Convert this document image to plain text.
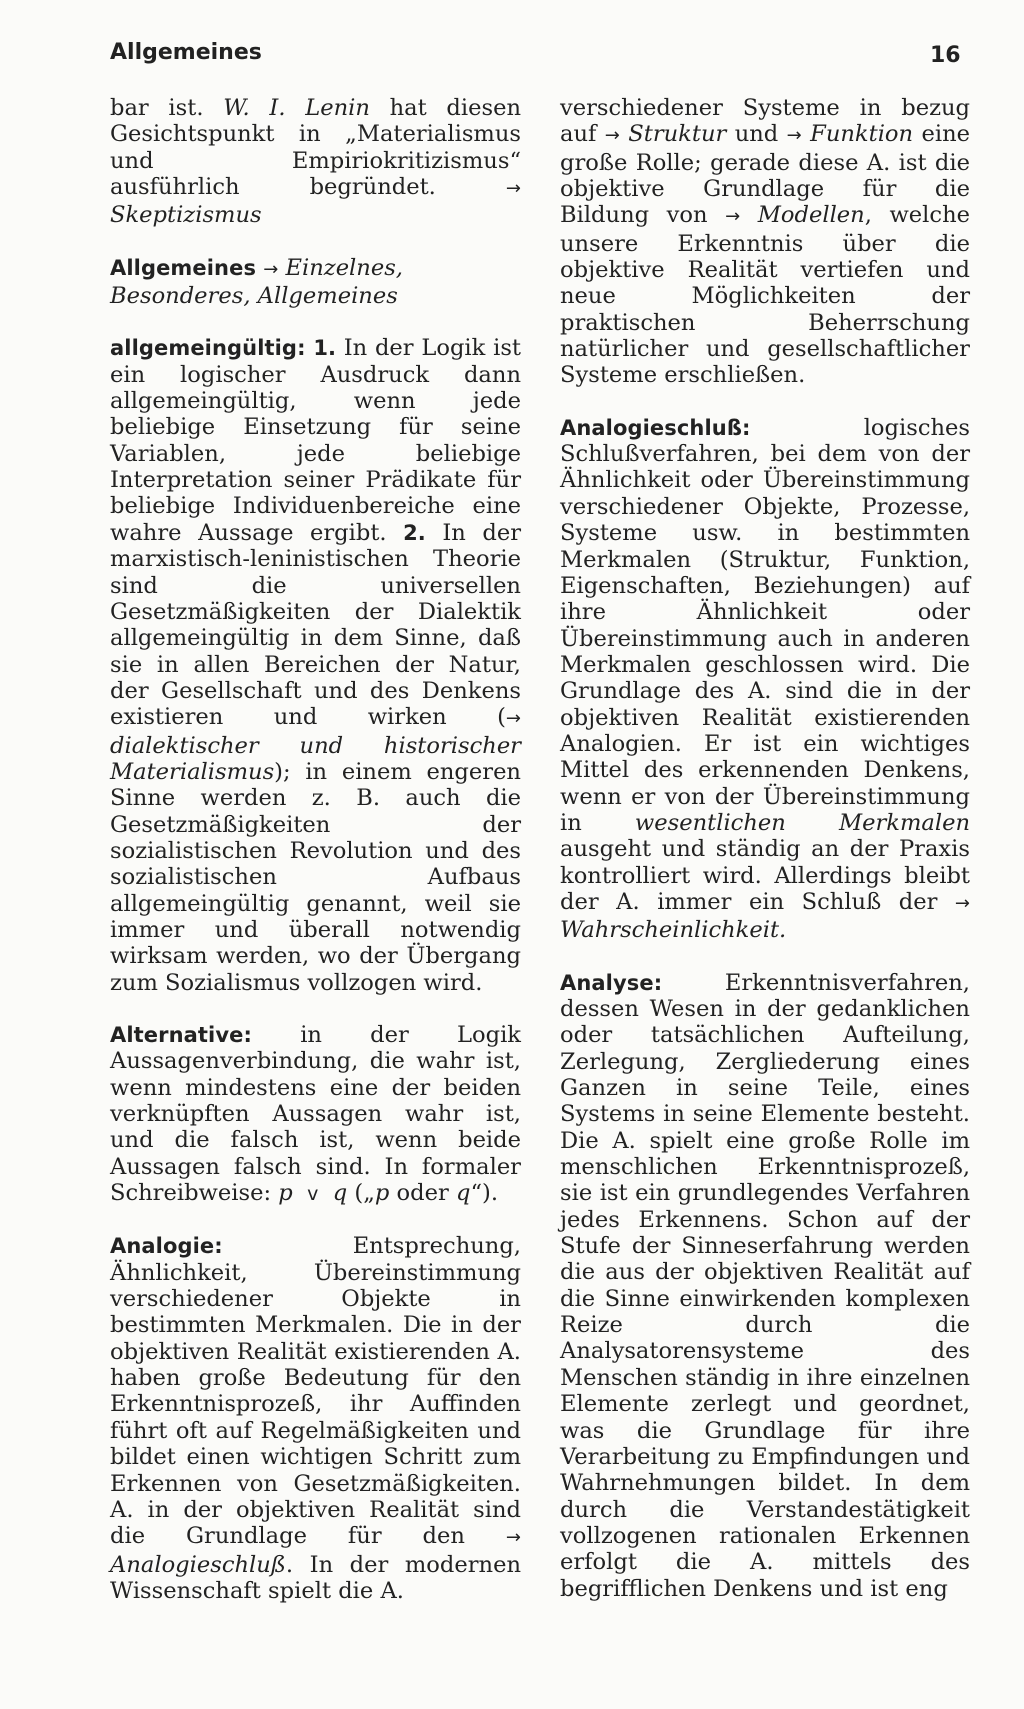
Allgemeines	16

bar ist. W. I. Lenin hat diesen Gesichtspunkt in „Materialismus und Empiriokritizismus“ ausführlich begründet. → Skeptizismus

Allgemeines → Einzelnes, Besonderes, Allgemeines

allgemeingültig: 1. In der Logik ist ein logischer Ausdruck dann allgemeingültig, wenn jede beliebige Einsetzung für seine Variablen, jede beliebige Interpretation seiner Prädikate für beliebige Individuenbereiche eine wahre Aussage ergibt. 2. In der marxistisch-leninistischen Theorie sind die universellen Gesetzmäßigkeiten der Dialektik allgemeingültig in dem Sinne, daß sie in allen Bereichen der Natur, der Gesellschaft und des Denkens existieren und wirken (→ dialektischer und historischer Materialismus); in einem engeren Sinne werden z. B. auch die Gesetzmäßigkeiten der sozialistischen Revolution und des sozialistischen Aufbaus allgemeingültig genannt, weil sie immer und überall notwendig wirksam werden, wo der Übergang zum Sozialismus vollzogen wird.

Alternative: in der Logik Aussagenverbindung, die wahr ist, wenn mindestens eine der beiden verknüpften Aussagen wahr ist, und die falsch ist, wenn beide Aussagen falsch sind. In formaler Schreibweise: p v q („p oder q“).

Analogie:	Entsprechung, Ähnlichkeit, Übereinstimmung verschiedener Objekte in bestimmten Merkmalen. Die in der objektiven Realität existierenden A. haben große Bedeutung für den Erkenntnisprozeß, ihr Auffinden führt oft auf Regelmäßigkeiten und bildet einen wichtigen Schritt zum Erkennen von Gesetzmäßigkeiten. A. in der objektiven Realität sind die Grundlage für den → Analogieschluß. In der modernen Wissenschaft spielt die A.

verschiedener Systeme in bezug auf → Struktur und → Funktion eine große Rolle; gerade diese A. ist die objektive Grundlage für die Bildung von → Modellen, welche unsere Erkenntnis über die objektive Realität vertiefen und neue Möglichkeiten der praktischen Beherrschung natürlicher und gesellschaftlicher Systeme erschließen.

Analogieschluß:	logisches Schlußverfahren, bei dem von der Ähnlichkeit oder Übereinstimmung verschiedener Objekte, Prozesse, Systeme usw. in bestimmten Merkmalen (Struktur, Funktion, Eigenschaften, Beziehungen) auf ihre Ähnlichkeit oder Übereinstimmung auch in anderen Merkmalen geschlossen wird. Die Grundlage des A. sind die in der objektiven Realität existierenden Analogien. Er ist ein wichtiges Mittel des erkennenden Denkens, wenn er von der Übereinstimmung in wesentlichen Merkmalen ausgeht und ständig an der Praxis kontrolliert wird. Allerdings bleibt der A. immer ein Schluß der → Wahrscheinlichkeit.

Analyse:	Erkenntnisverfahren, dessen Wesen in der gedanklichen oder tatsächlichen Aufteilung, Zerlegung, Zergliederung eines Ganzen in seine Teile, eines Systems in seine Elemente besteht. Die A. spielt eine große Rolle im menschlichen Erkenntnisprozeß, sie ist ein grundlegendes Verfahren jedes Erkennens. Schon auf der Stufe der Sinneserfahrung werden die aus der objektiven Realität auf die Sinne einwirkenden komplexen Reize durch die Analysatorensysteme des Menschen ständig in ihre einzelnen Elemente zerlegt und geordnet, was die Grundlage für ihre Verarbeitung zu Empfindungen und Wahrnehmungen bildet. In dem durch die Verstandestätigkeit vollzogenen rationalen Erkennen erfolgt die A. mittels des begrifflichen Denkens und ist eng
